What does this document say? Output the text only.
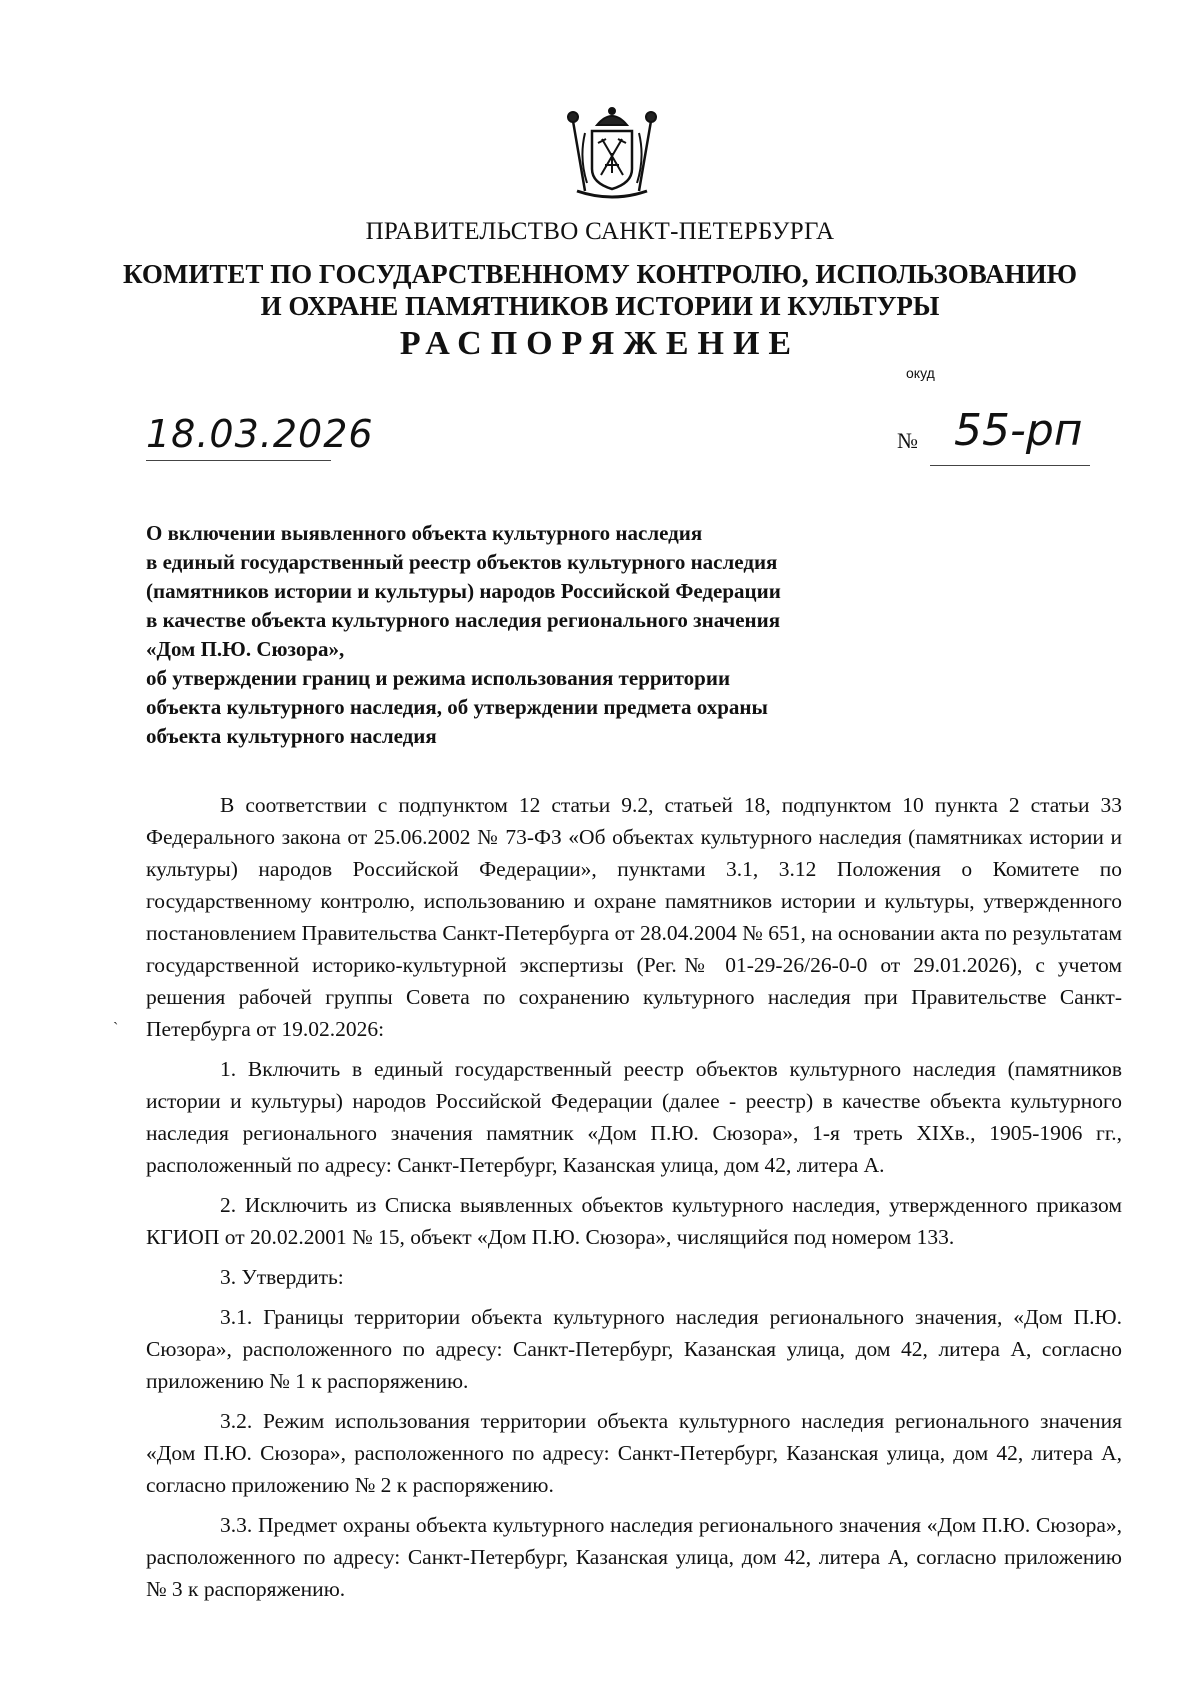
ПРАВИТЕЛЬСТВО САНКТ-ПЕТЕРБУРГА
КОМИТЕТ ПО ГОСУДАРСТВЕННОМУ КОНТРОЛЮ, ИСПОЛЬЗОВАНИЮ
И ОХРАНЕ ПАМЯТНИКОВ ИСТОРИИ И КУЛЬТУРЫ
РАСПОРЯЖЕНИЕ
окуд
18.03.2026	№ 55-рп
О включении выявленного объекта культурного наследия
в единый государственный реестр объектов культурного наследия
(памятников истории и культуры) народов Российской Федерации
в качестве объекта культурного наследия регионального значения
«Дом П.Ю. Сюзора»,
об утверждении границ и режима использования территории
объекта культурного наследия, об утверждении предмета охраны
объекта культурного наследия
ˏ

В соответствии с подпунктом 12 статьи 9.2, статьей 18, подпунктом 10 пункта 2 статьи 33 Федерального закона от 25.06.2002 № 73-ФЗ «Об объектах культурного наследия (памятниках истории и культуры) народов Российской Федерации», пунктами 3.1, 3.12 Положения о Комитете по государственному контролю, использованию и охране памятников истории и культуры, утвержденного постановлением Правительства Санкт-Петербурга от 28.04.2004 № 651, на основании акта по результатам государственной историко-культурной экспертизы (Рег.№ 01-29-26/26-0-0 от 29.01.2026), с учетом решения рабочей группы Совета по сохранению культурного наследия при Правительстве Санкт-Петербурга от 19.02.2026:

1. Включить в единый государственный реестр объектов культурного наследия (памятников истории и культуры) народов Российской Федерации (далее - реестр) в качестве объекта культурного наследия регионального значения памятник «Дом П.Ю. Сюзора», 1-я треть XIXв., 1905-1906 гг., расположенный по адресу: Санкт-Петербург, Казанская улица, дом 42, литера А.

2. Исключить из Списка выявленных объектов культурного наследия, утвержденного приказом КГИОП от 20.02.2001 № 15, объект «Дом П.Ю. Сюзора», числящийся под номером 133.

3. Утвердить:

3.1. Границы территории объекта культурного наследия регионального значения, «Дом П.Ю. Сюзора», расположенного по адресу: Санкт-Петербург, Казанская улица, дом 42, литера А, согласно приложению № 1 к распоряжению.

3.2. Режим использования территории объекта культурного наследия регионального значения «Дом П.Ю. Сюзора», расположенного по адресу: Санкт-Петербург, Казанская улица, дом 42, литера А, согласно приложению № 2 к распоряжению.

3.3. Предмет охраны объекта культурного наследия регионального значения «Дом П.Ю. Сюзора», расположенного по адресу: Санкт-Петербург, Казанская улица, дом 42, литера А, согласно приложению № 3 к распоряжению.
